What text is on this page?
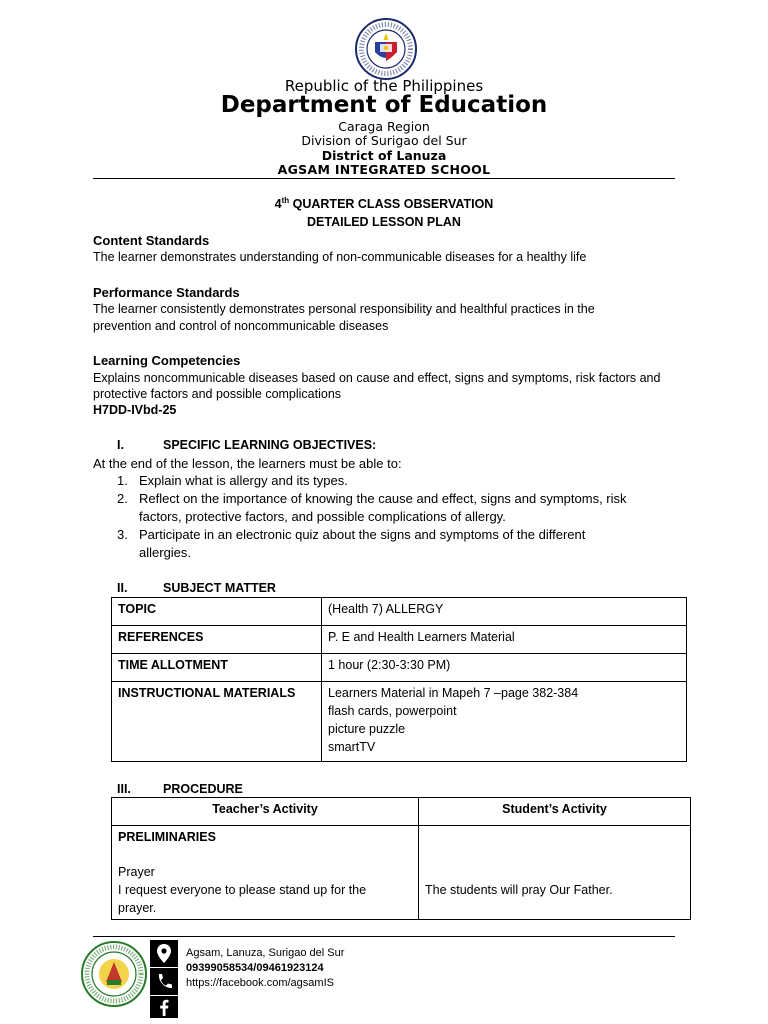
Republic of the Philippines
Department of Education
Caraga Region
Division of Surigao del Sur
District of Lanuza
AGSAM INTEGRATED SCHOOL
4th QUARTER CLASS OBSERVATION
DETAILED LESSON PLAN
Content Standards
The learner demonstrates understanding of non-communicable diseases for a healthy life
Performance Standards
The learner consistently demonstrates personal responsibility and healthful practices in the
prevention and control of noncommunicable diseases
Learning Competencies
Explains noncommunicable diseases based on cause and effect, signs and symptoms, risk factors and
protective factors and possible complications
H7DD-IVbd-25
I.	SPECIFIC LEARNING OBJECTIVES:
At the end of the lesson, the learners must be able to:
1. Explain what is allergy and its types.
2. Reflect on the importance of knowing the cause and effect, signs and symptoms, risk
factors, protective factors, and possible complications of allergy.
3. Participate in an electronic quiz about the signs and symptoms of the different
allergies.
II.	SUBJECT MATTER
TOPIC	(Health 7) ALLERGY
REFERENCES	P. E and Health Learners Material
TIME ALLOTMENT	1 hour (2:30-3:30 PM)
INSTRUCTIONAL MATERIALS	Learners Material in Mapeh 7 –page 382-384
flash cards, powerpoint
picture puzzle
smartTV
III.	PROCEDURE
Teacher’s Activity	Student’s Activity

PRELIMINARIES
Prayer
I request everyone to please stand up for the
prayer.	The students will pray Our Father.
Agsam, Lanuza, Surigao del Sur
09399058534/09461923124
https://facebook.com/agsamIS
